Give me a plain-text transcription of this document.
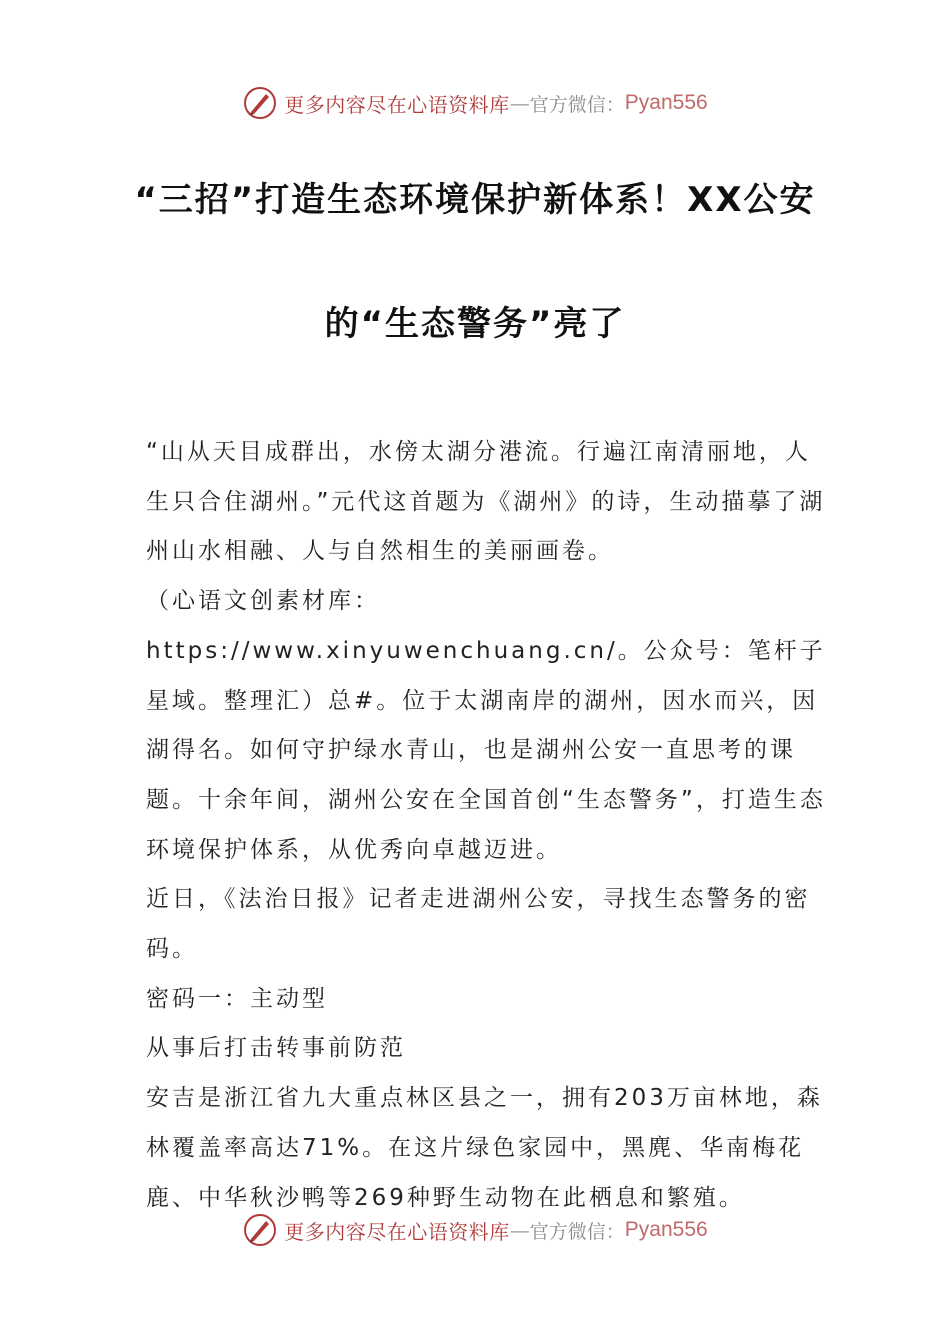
更多内容尽在心语资料库 — 官方微信： Pyan556
“三招”打造生态环境保护新体系！XX公安
的“生态警务”亮了

“山从天目成群出，水傍太湖分港流。行遍江南清丽地，人生只合住湖州。”元代这首题为《湖州》的诗，生动描摹了湖州山水相融、人与自然相生的美丽画卷。

（心语文创素材库：https://www.xinyuwenchuang.cn/。公众号：笔杆子星域。整理汇）总#。位于太湖南岸的湖州，因水而兴，因湖得名。如何守护绿水青山，也是湖州公安一直思考的课题。十余年间，湖州公安在全国首创“生态警务”，打造生态环境保护体系，从优秀向卓越迈进。

近日，《法治日报》记者走进湖州公安，寻找生态警务的密码。

密码一：主动型

从事后打击转事前防范

安吉是浙江省九大重点林区县之一，拥有203万亩林地，森林覆盖率高达71%。在这片绿色家园中，黑麂、华南梅花鹿、中华秋沙鸭等269种野生动物在此栖息和繁殖。

更多内容尽在心语资料库 — 官方微信： Pyan556
